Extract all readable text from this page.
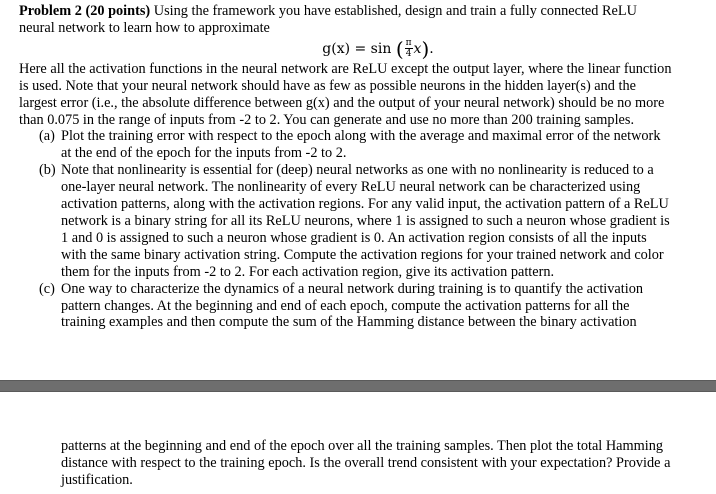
Problem 2 (20 points) Using the framework you have established, design and train a fully connected ReLU
neural network to learn how to approximate
g(x) = sin ( $\frac{\pi}{4} x$).
Here all the activation functions in the neural network are ReLU except the output layer, where the linear function
is used. Note that your neural network should have as few as possible neurons in the hidden layer(s) and the
largest error (i.e., the absolute difference between g(x) and the output of your neural network) should be no more
than 0.075 in the range of inputs from -2 to 2. You can generate and use no more than 200 training samples.
(a) Plot the training error with respect to the epoch along with the average and maximal error of the network
at the end of the epoch for the inputs from -2 to 2.
(b) Note that nonlinearity is essential for (deep) neural networks as one with no nonlinearity is reduced to a
one-layer neural network. The nonlinearity of every ReLU neural network can be characterized using
activation patterns, along with the activation regions. For any valid input, the activation pattern of a ReLU
network is a binary string for all its ReLU neurons, where 1 is assigned to such a neuron whose gradient is
1 and 0 is assigned to such a neuron whose gradient is 0. An activation region consists of all the inputs
with the same binary activation string. Compute the activation regions for your trained network and color
them for the inputs from -2 to 2. For each activation region, give its activation pattern.
(c) One way to characterize the dynamics of a neural network during training is to quantify the activation
pattern changes. At the beginning and end of each epoch, compute the activation patterns for all the
training examples and then compute the sum of the Hamming distance between the binary activation
patterns at the beginning and end of the epoch over all the training samples. Then plot the total Hamming
distance with respect to the training epoch. Is the overall trend consistent with your expectation? Provide a
justification.
